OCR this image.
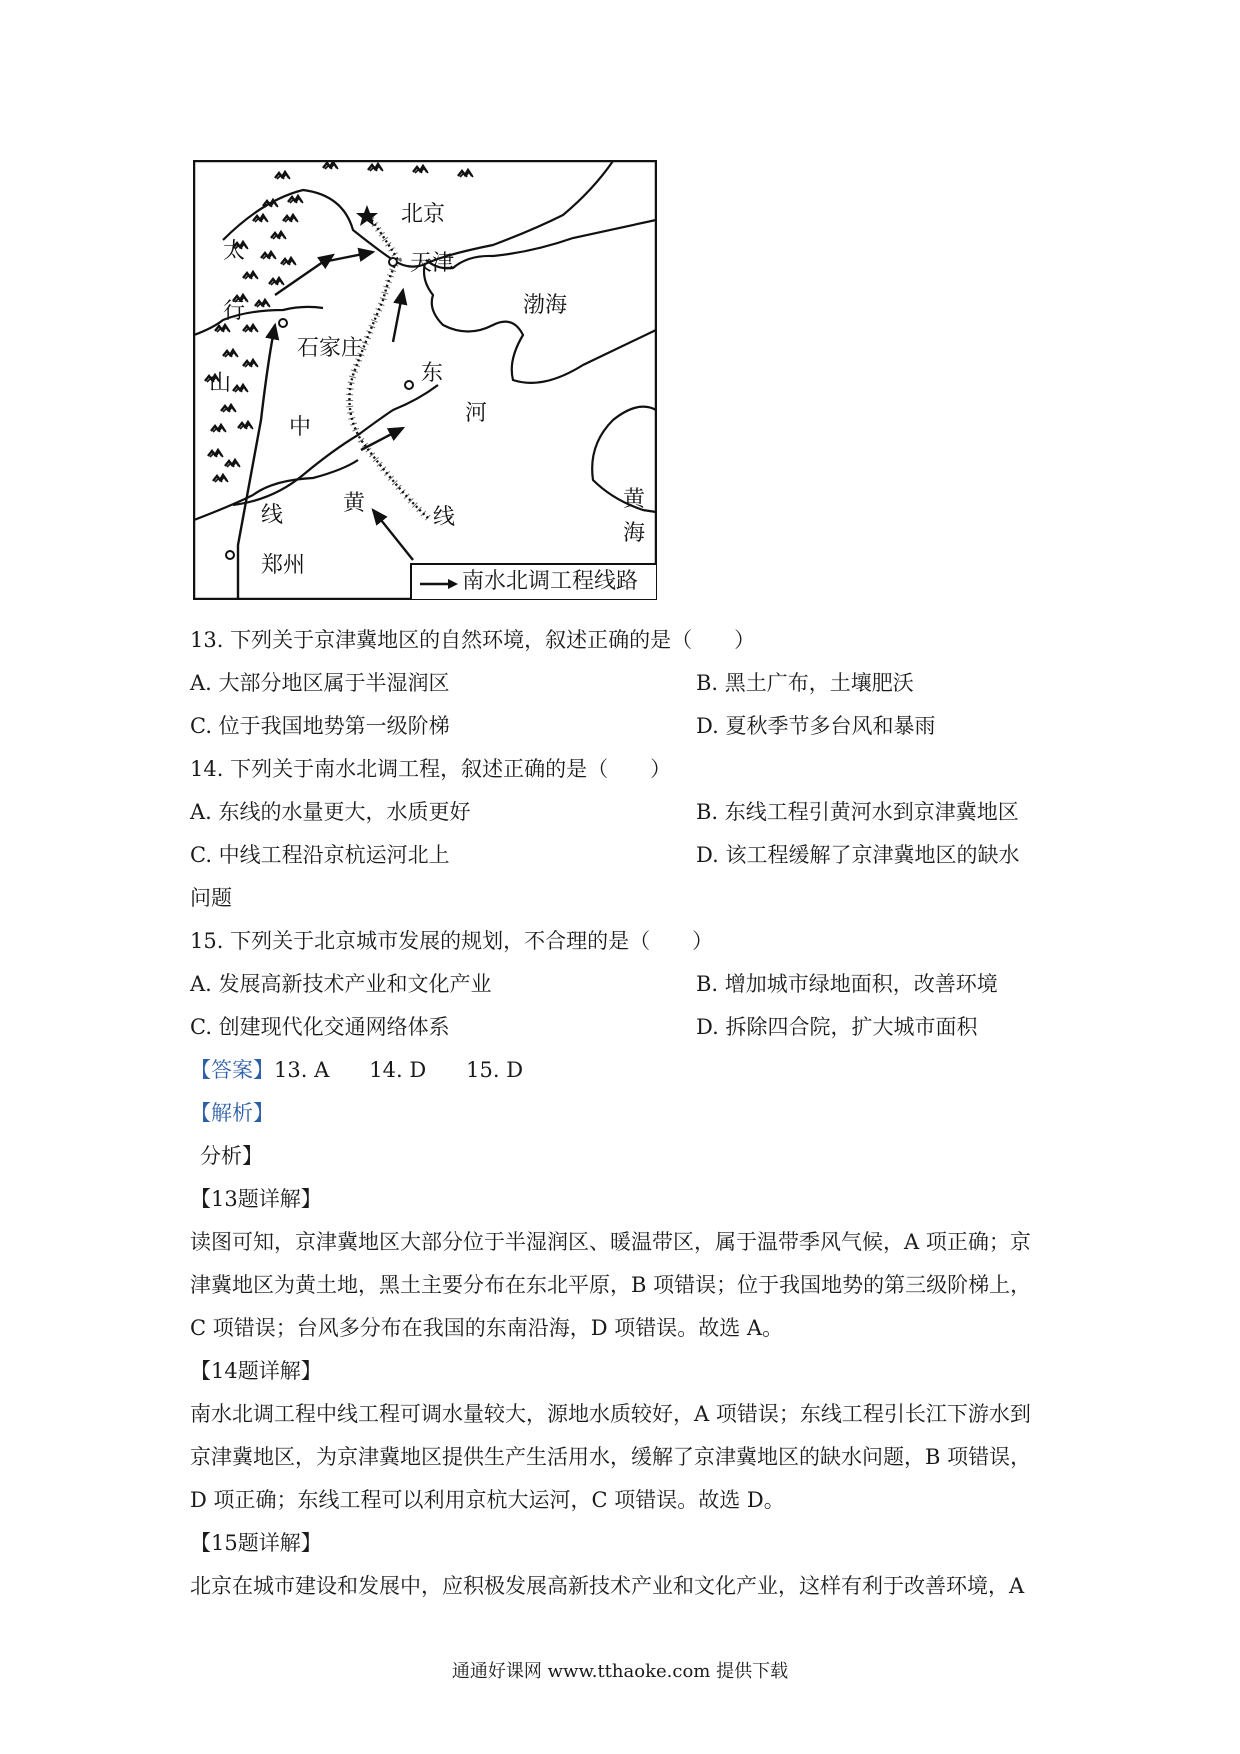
北京
天津
渤海
太
行
山
石家庄
东
河
中
线	黄
线
黄
海
郑州
南水北调工程线路
13. 下列关于京津冀地区的自然环境，叙述正确的是（　　）
A. 大部分地区属于半湿润区	B. 黑土广布，土壤肥沃
C. 位于我国地势第一级阶梯	D. 夏秋季节多台风和暴雨
14. 下列关于南水北调工程，叙述正确的是（　　）
A. 东线的水量更大，水质更好	B. 东线工程引黄河水到京津冀地区
C. 中线工程沿京杭运河北上	D. 该工程缓解了京津冀地区的缺水
问题
15. 下列关于北京城市发展的规划，不合理的是（　　）
A. 发展高新技术产业和文化产业	B. 增加城市绿地面积，改善环境
C. 创建现代化交通网络体系	D. 拆除四合院，扩大城市面积
【答案】13. A 14. D 15. D
【解析】
分析】
【13题详解】
读图可知，京津冀地区大部分位于半湿润区、暖温带区，属于温带季风气候，A 项正确；京
津冀地区为黄土地，黑土主要分布在东北平原，B 项错误；位于我国地势的第三级阶梯上，
C 项错误；台风多分布在我国的东南沿海，D 项错误。故选 A。
【14题详解】
南水北调工程中线工程可调水量较大，源地水质较好，A 项错误；东线工程引长江下游水到
京津冀地区，为京津冀地区提供生产生活用水，缓解了京津冀地区的缺水问题，B 项错误，
D 项正确；东线工程可以利用京杭大运河，C 项错误。故选 D。
【15题详解】
北京在城市建设和发展中，应积极发展高新技术产业和文化产业，这样有利于改善环境，A
通通好课网 www.tthaoke.com 提供下载
